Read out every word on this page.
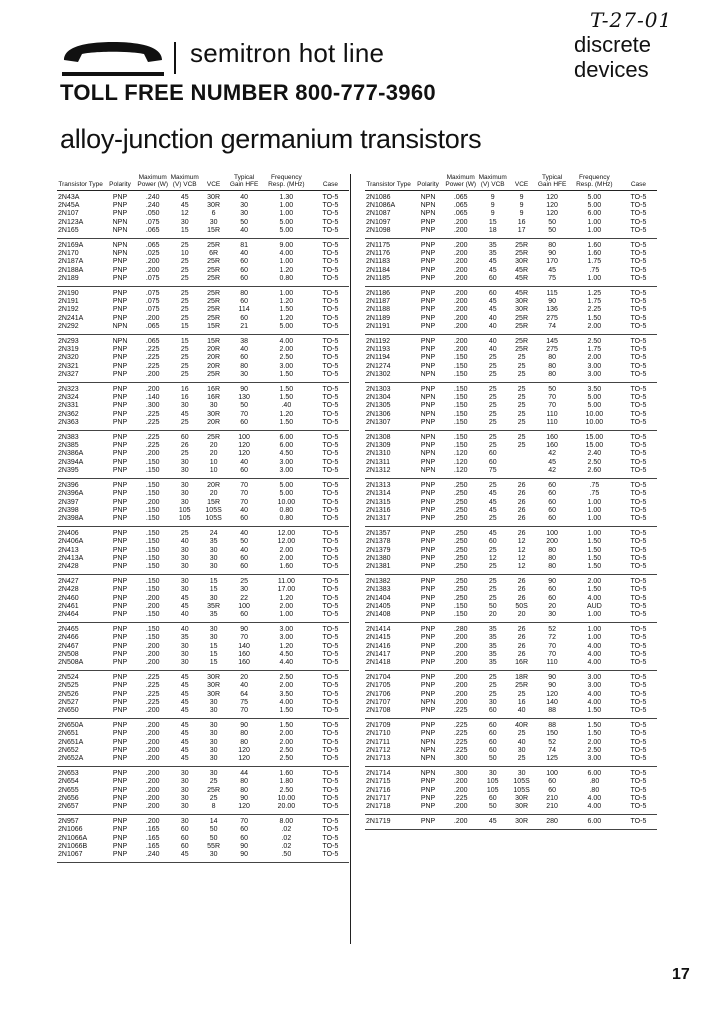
semitron hot line
TOLL FREE NUMBER 800-777-3960
T-27-01
discrete
devices
alloy-junction germanium transistors
Transistor Type	Polarity	Maximum Power (W)	Maximum (V) VCB	VCE	Typical Gain HFE	Frequency Resp. (MHz)	Case
2N43A	PNP	.240	45	30R	40	1.30	TO-5
2N45A	PNP	.240	45	30R	30	1.00	TO-5
2N107	PNP	.050	12	6	30	1.00	TO-5
2N123A	NPN	.075	30	30	50	5.00	TO-5
2N165	NPN	.065	15	15R	40	5.00	TO-5
2N169A	NPN	.065	25	25R	81	9.00	TO-5
2N170	NPN	.025	10	6R	40	4.00	TO-5
2N187A	PNP	.200	25	25R	60	1.00	TO-5
2N188A	PNP	.200	25	25R	60	1.20	TO-5
2N189	PNP	.075	25	25R	60	0.80	TO-5
2N190	PNP	.075	25	25R	80	1.00	TO-5
2N191	PNP	.075	25	25R	60	1.20	TO-5
2N192	PNP	.075	25	25R	114	1.50	TO-5
2N241A	PNP	.200	25	25R	60	1.20	TO-5
2N292	NPN	.065	15	15R	21	5.00	TO-5
2N293	NPN	.065	15	15R	38	4.00	TO-5
2N319	PNP	.225	25	20R	40	2.00	TO-5
2N320	PNP	.225	25	20R	60	2.50	TO-5
2N321	PNP	.225	25	20R	80	3.00	TO-5
2N327	PNP	.200	25	25R	30	1.50	TO-5
2N323	PNP	.200	16	16R	90	1.50	TO-5
2N324	PNP	.140	16	16R	130	1.50	TO-5
2N331	PNP	.300	30	30	50	.40	TO-5
2N362	PNP	.225	45	30R	70	1.20	TO-5
2N363	PNP	.225	25	20R	60	1.50	TO-5
2N383	PNP	.225	60	25R	100	6.00	TO-5
2N385	PNP	.225	26	20	120	6.00	TO-5
2N386A	PNP	.200	25	20	120	4.50	TO-5
2N394A	PNP	.150	30	10	40	3.00	TO-5
2N395	PNP	.150	30	10	60	3.00	TO-5
2N396	PNP	.150	30	20R	70	5.00	TO-5
2N396A	PNP	.150	30	20	70	5.00	TO-5
2N397	PNP	.200	30	15R	70	10.00	TO-5
2N398	PNP	.150	105	105S	40	0.80	TO-5
2N398A	PNP	.150	105	105S	60	0.80	TO-5
2N406	PNP	.150	25	24	40	12.00	TO-5
2N406A	PNP	.150	40	35	50	12.00	TO-5
2N413	PNP	.150	30	30	40	2.00	TO-5
2N413A	PNP	.150	30	30	60	2.00	TO-5
2N428	PNP	.150	30	30	60	1.60	TO-5
2N427	PNP	.150	30	15	25	11.00	TO-5
2N428	PNP	.150	30	15	30	17.00	TO-5
2N460	PNP	.200	45	30	22	1.20	TO-5
2N461	PNP	.200	45	35R	100	2.00	TO-5
2N464	PNP	.150	40	35	60	1.00	TO-5
2N465	PNP	.150	40	30	90	3.00	TO-5
2N466	PNP	.150	35	30	70	3.00	TO-5
2N467	PNP	.200	30	15	140	1.20	TO-5
2N508	PNP	.200	30	15	160	4.50	TO-5
2N508A	PNP	.200	30	15	160	4.40	TO-5
2N524	PNP	.225	45	30R	20	2.50	TO-5
2N525	PNP	.225	45	30R	40	2.00	TO-5
2N526	PNP	.225	45	30R	64	3.50	TO-5
2N527	PNP	.225	45	30	75	4.00	TO-5
2N650	PNP	.200	45	30	70	1.50	TO-5
2N650A	PNP	.200	45	30	90	1.50	TO-5
2N651	PNP	.200	45	30	80	2.00	TO-5
2N651A	PNP	.200	45	30	80	2.00	TO-5
2N652	PNP	.200	45	30	120	2.50	TO-5
2N652A	PNP	.200	45	30	120	2.50	TO-5
2N653	PNP	.200	30	30	44	1.60	TO-5
2N654	PNP	.200	30	25	80	1.80	TO-5
2N655	PNP	.200	30	25R	80	2.50	TO-5
2N656	PNP	.200	30	25	90	10.00	TO-5
2N657	PNP	.200	30	8	120	20.00	TO-5
2N957	PNP	.200	30	14	70	8.00	TO-5
2N1066	PNP	.165	60	50	60	.02	TO-5
2N1066A	PNP	.165	60	50	60	.02	TO-5
2N1066B	PNP	.165	60	55R	90	.02	TO-5
2N1067	PNP	.240	45	30	90	.50	TO-5
Transistor Type	Polarity	Maximum Power (W)	Maximum (V) VCB	VCE	Typical Gain HFE	Frequency Resp. (MHz)	Case
2N1086	NPN	.065	9	9	120	5.00	TO-5
2N1086A	NPN	.065	9	9	120	5.00	TO-5
2N1087	NPN	.065	9	9	120	6.00	TO-5
2N1097	PNP	.200	15	16	50	1.00	TO-5
2N1098	PNP	.200	18	17	50	1.00	TO-5
2N1175	PNP	.200	35	25R	80	1.60	TO-5
2N1176	PNP	.200	35	25R	90	1.60	TO-5
2N1183	PNP	.200	45	30R	170	1.75	TO-5
2N1184	PNP	.200	45	45R	45	.75	TO-5
2N1185	PNP	.200	60	45R	75	1.00	TO-5
2N1186	PNP	.200	60	45R	115	1.25	TO-5
2N1187	PNP	.200	45	30R	90	1.75	TO-5
2N1188	PNP	.200	45	30R	136	2.25	TO-5
2N1189	PNP	.200	40	25R	275	1.50	TO-5
2N1191	PNP	.200	40	25R	74	2.00	TO-5
2N1192	PNP	.200	40	25R	145	2.50	TO-5
2N1193	PNP	.200	40	25R	275	1.75	TO-5
2N1194	PNP	.150	25	25	80	2.00	TO-5
2N1274	PNP	.150	25	25	80	3.00	TO-5
2N1302	NPN	.150	25	25	80	3.00	TO-5
2N1303	PNP	.150	25	25	50	3.50	TO-5
2N1304	NPN	.150	25	25	70	5.00	TO-5
2N1305	PNP	.150	25	25	70	5.00	TO-5
2N1306	NPN	.150	25	25	110	10.00	TO-5
2N1307	PNP	.150	25	25	110	10.00	TO-5
2N1308	NPN	.150	25	25	160	15.00	TO-5
2N1309	PNP	.150	25	25	160	15.00	TO-5
2N1310	NPN	.120	60		42	2.40	TO-5
2N1311	PNP	.120	60		45	2.50	TO-5
2N1312	NPN	.120	75		42	2.60	TO-5
2N1313	PNP	.250	25	26	60	.75	TO-5
2N1314	PNP	.250	45	26	60	.75	TO-5
2N1315	PNP	.250	45	26	60	1.00	TO-5
2N1316	PNP	.250	45	26	60	1.00	TO-5
2N1317	PNP	.250	25	26	60	1.00	TO-5
2N1357	PNP	.250	45	26	100	1.00	TO-5
2N1378	PNP	.250	60	12	200	1.50	TO-5
2N1379	PNP	.250	25	12	80	1.50	TO-5
2N1380	PNP	.250	12	12	80	1.50	TO-5
2N1381	PNP	.250	25	12	80	1.50	TO-5
2N1382	PNP	.250	25	26	90	2.00	TO-5
2N1383	PNP	.250	25	26	60	1.50	TO-5
2N1404	PNP	.250	25	26	60	4.00	TO-5
2N1405	PNP	.150	50	50S	20	AUD	TO-5
2N1408	PNP	.150	20	20	30	1.00	TO-5
2N1414	PNP	.280	35	26	52	1.00	TO-5
2N1415	PNP	.200	35	26	72	1.00	TO-5
2N1416	PNP	.200	35	26	70	4.00	TO-5
2N1417	PNP	.200	35	26	70	4.00	TO-5
2N1418	PNP	.200	35	16R	110	4.00	TO-5
2N1704	PNP	.200	25	18R	90	3.00	TO-5
2N1705	PNP	.200	25	25R	90	3.00	TO-5
2N1706	PNP	.200	25	25	120	4.00	TO-5
2N1707	NPN	.200	30	16	140	4.00	TO-5
2N1708	PNP	.225	60	40	88	1.50	TO-5
2N1709	PNP	.225	60	40R	88	1.50	TO-5
2N1710	PNP	.225	60	25	150	1.50	TO-5
2N1711	NPN	.225	60	40	52	2.00	TO-5
2N1712	NPN	.225	60	30	74	2.50	TO-5
2N1713	NPN	.300	50	25	125	3.00	TO-5
2N1714	NPN	.300	30	30	100	6.00	TO-5
2N1715	PNP	.200	105	105S	60	.80	TO-5
2N1716	PNP	.200	105	105S	60	.80	TO-5
2N1717	PNP	.225	60	30R	210	4.00	TO-5
2N1718	PNP	.200	50	30R	210	4.00	TO-5
2N1719	PNP	.200	45	30R	280	6.00	TO-5
17
